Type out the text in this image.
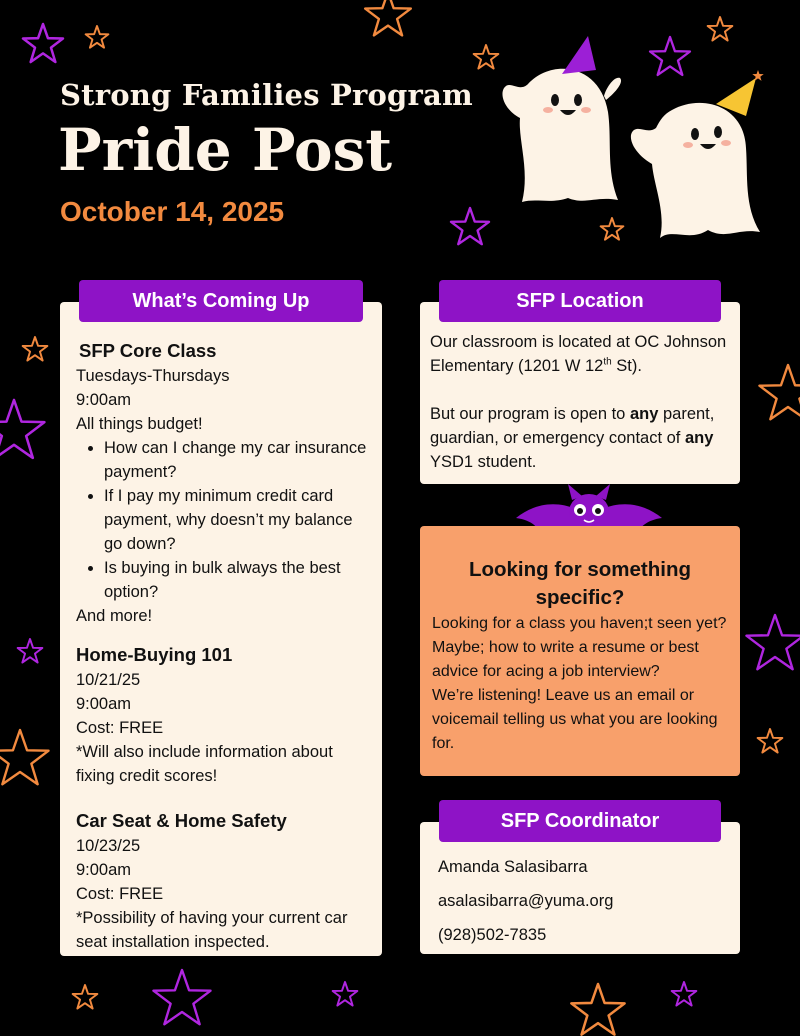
Strong Families Program
Pride Post
October 14, 2025
SFP Core Class
Tuesdays-Thursdays
9:00am
All things budget!
• How can I change my car insurance payment?
• If I pay my minimum credit card payment, why doesn’t my balance go down?
• Is buying in bulk always the best option?
And more!
Home-Buying 101
10/21/25
9:00am
Cost: FREE
*Will also include information about fixing credit scores!
Car Seat & Home Safety
10/23/25
9:00am
Cost: FREE
*Possibility of having your current car seat installation inspected.
What’s Coming Up
Our classroom is located at OC Johnson Elementary (1201 W 12th St).
But our program is open to any parent, guardian, or emergency contact of any YSD1 student.
SFP Location
Looking for something specific?
Looking for a class you haven;t seen yet? Maybe; how to write a resume or best advice for acing a job interview?
We’re listening! Leave us an email or voicemail telling us what you are looking for.
Amanda Salasibarra
asalasibarra@yuma.org
(928)502-7835
SFP Coordinator
